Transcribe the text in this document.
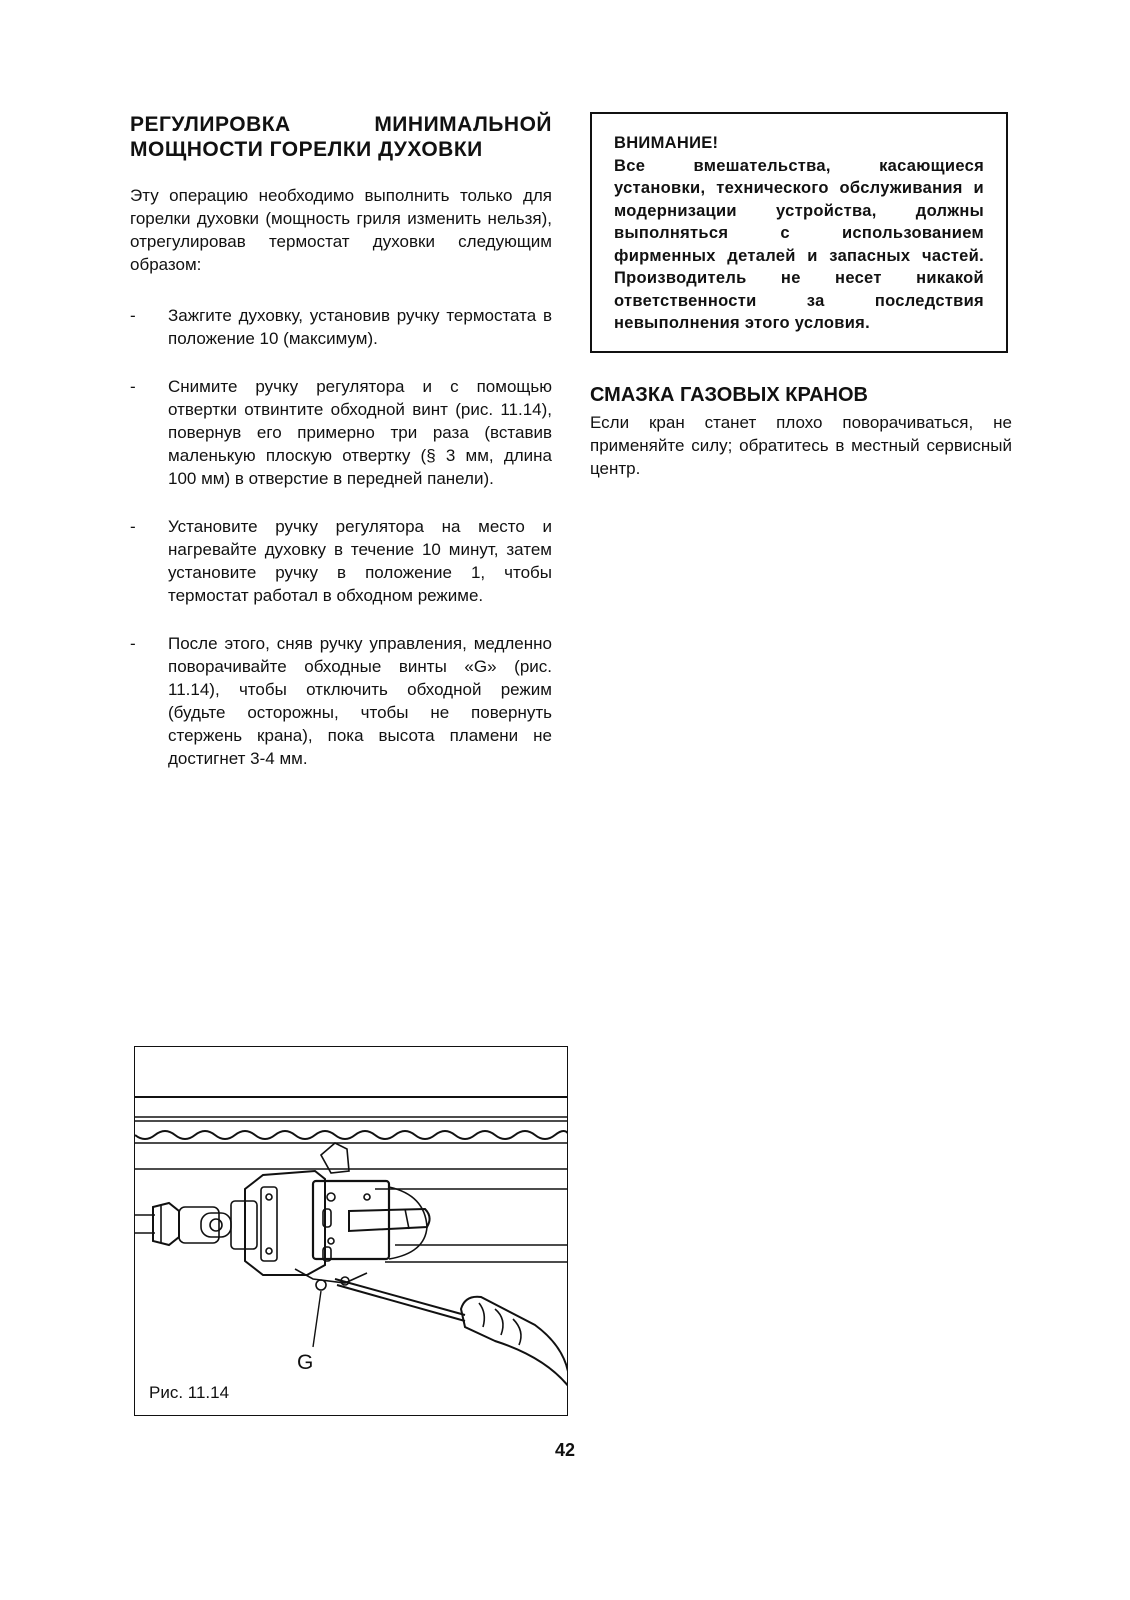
РЕГУЛИРОВКА	МИНИМАЛЬНОЙ
МОЩНОСТИ ГОРЕЛКИ ДУХОВКИ

Эту операцию необходимо выполнить только для горелки духовки (мощность гриля изменить нельзя), отрегулировав термостат духовки следующим образом:

- Зажгите духовку, установив ручку термостата в положение 10 (максимум).
- Снимите ручку регулятора и с помощью отвертки отвинтите обходной винт (рис. 11.14), повернув его примерно три раза (вставив маленькую плоскую отвертку (§ 3 мм, длина 100 мм) в отверстие в передней панели).
- Установите ручку регулятора на место и нагревайте духовку в течение 10 минут, затем установите ручку в положение 1, чтобы термостат работал в обходном режиме.
- После этого, сняв ручку управления, медленно поворачивайте обходные винты «G» (рис. 11.14), чтобы отключить обходной режим (будьте осторожны, чтобы не повернуть стержень крана), пока высота пламени не достигнет 3-4 мм.
ВНИМАНИЕ!
Все вмешательства, касающиеся установки, технического обслуживания и модернизации устройства, должны выполняться с использованием фирменных деталей и запасных частей. Производитель не несет никакой ответственности за последствия невыполнения этого условия.
СМАЗКА ГАЗОВЫХ КРАНОВ

Если кран станет плохо поворачиваться, не применяйте силу; обратитесь в местный сервисный центр.

G
Рис. 11.14
42
